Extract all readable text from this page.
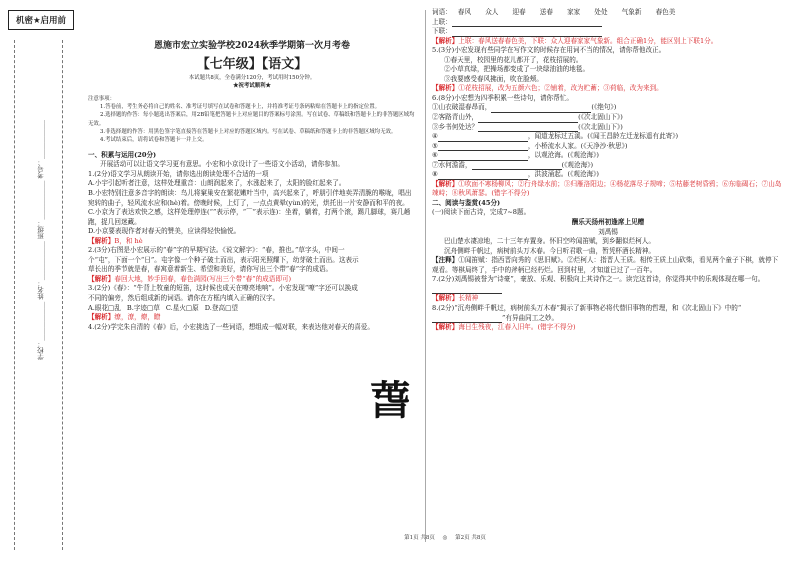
机密★启用前
学校：____________ 姓名：____________ 班级：____________ 考号：____________
恩施市宏立实验学校2024秋季学期第一次月考卷
【七年级】【语文】
本试题共8页，全卷满分120分，考试用时150分钟。
★祝考试顺利★
注意事项：
1.答卷前，考生务必将自己的姓名、准考证号填写在试卷和答题卡上，并将准考证号条码粘贴在答题卡上的指定位置。
2.选择题的作答：每小题选出答案后，用2B铅笔把答题卡上对应题目的答案标号涂黑。写在试卷、草稿纸和答题卡上的非答题区域均无效。
3.非选择题的作答：用黑色签字笔直接答在答题卡上对应的答题区域内。写在试卷、草稿纸和答题卡上的非答题区域均无效。
4.考试结束后，请将试卷和答题卡一并上交。
一、积累与运用(20分)
开展活动可以让语文学习更有意思。小宏和小京设计了一些语文小活动，请你参加。
1.(2分)语文学习从朗读开始，请你选出朗读处理不合适的一项
A.小宇引起听者注意，这样处理重音：山朗润起来了，水涨起来了，太阳的脸红起来了。
B.小宏特别注意多音字的朗读：鸟儿将窠巢安在繁花嫩叶当中，高兴起来了，呼朋引伴地卖弄清脆的喉咙，唱出宛转的曲子，轻风流水应和(hè)着。傍晚时候，上灯了，一点点黄晕(yùn)的光，烘托出一片安静而和平的夜。
C.小京为了表达欢快之感，这样处理停连(“”表示停，“⌒”表示连)：坐着，躺着，打两个滚，踢几脚球，赛几趟跑，捉几回迷藏。
D.小京要表现作者对春天的赞美，应读得轻快愉悦。
【解析】B，和 hè
2.(3分)右图是小宏展示的“春”字的早期写法。《说文解字》：“春，推也。”草字头，中间一个“屯”，下面一个“日”。屯字像一个种子破土而出，表示阳光照耀下，幼芽破土而出。这表示草长出的季节就是春，春寓意着新生、希望和美好，请你写出三个带“春”字的成语。
【解析】春回大地，妙手回春，春色满园(写出三个带“春”的成语即可)
3.(2分)《春》：“牛背上牧童的短笛，这时候也成天在嘹亮地响”。小宏发现“嘹”字还可以换成不同的偏旁，然后组成新的词语。请你在方框内填入正确的汉字。
A.眼花□乱 B.字迹□草 C.星火□原 D.登高□望
【解析】缭，潦，燎，瞭
4.(2分)学完朱自清的《春》后，小宏挑选了一些词语，想组成一幅对联，来表达他对春天的喜爱。
萅
词语： 春风 众人 迎春 送春 家家 处处 气象新 春色美
上联：
下联：
【解析】上联：春风送春春色美，下联：众人迎春家家气象新。组合正确1分，能区别上下联1分。
5.(3分)小宏发现有些同学在写作文的时候存在用词不当的情况，请你帮他改正。
①春天里，校园里的花儿都开了，花枝招展的。
②小草真绿，把操场都变成了一块绿油油的地毯。
③我要感受春风拂面，吹在脸颊。
【解析】①花枝招展，改为五颜六色；②铺着，改为贮蓄；③荷临，改为来到。
6.(8分)小宏想为四季积累一些诗句，请你帮忙。
①山衣破湿春昂而，	(《绝句》)
②客路青山外，	(《次北固山下》)
③乡书何处达？	(《次北固山下》)
④	，闻道龙标过五溪。(《闻王昌龄左迁龙标遥有此寄》)
⑤	，小桥流水人家。(《天净沙·秋思》)
⑥	，以观沧海。(《观沧海》)
⑦水何澹澹，	(《观沧海》)
⑧	，洪波涌起。(《观沧海》)
【解析】①吹面不寒杨柳风；②行舟绿水前；③归雁洛阳边；④杨花落尽子规啼；⑤枯藤老树昏鸦；⑥东临碣石；⑦山岛竦峙；⑧秋风萧瑟。(错字不得分)
二、阅读与鉴赏(45分)
(一)阅读下面古诗，完成7~8题。
酬乐天扬州初逢席上见赠
刘禹锡
巴山楚水凄凉地，二十三年弃置身。怀旧空吟闻笛赋，到乡翻似烂柯人。
沉舟侧畔千帆过，病树前头万木春。今日听君歌一曲，暂凭杯酒长精神。
【注释】①闻笛赋：指西晋向秀的《思旧赋》。②烂柯人：指晋人王质。相传王质上山砍柴，看见两个童子下棋，就停下观看。等棋局终了，手中的斧柄已经朽烂。回到村里，才知道已过了一百年。
7.(2分)刘禹锡被誉为“诗豪”，豪放、乐观、积极向上其诗作之一。读完这首诗，你觉得其中的乐观体现在哪一句。
【解析】长精神
8.(2分)“沉舟侧畔千帆过，病树前头万木春”揭示了新事物必将代替旧事物的哲理，和《次北固山下》中的“”有异曲同工之妙。
【解析】海日生残夜，江春入旧年。(错字不得分)
第1页 共8页 ◎ 第2页 共8页
